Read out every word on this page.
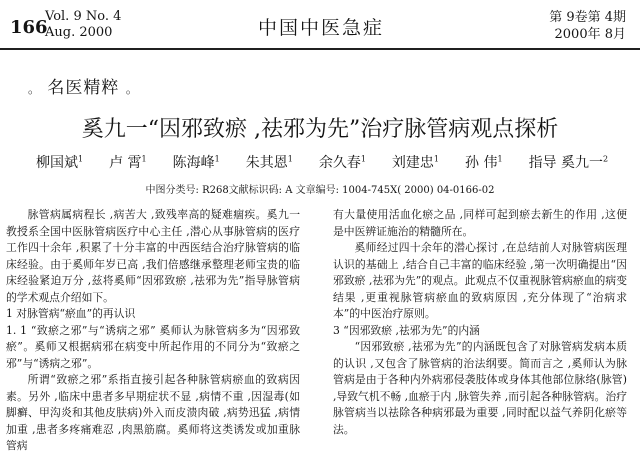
166
Vol. 9 No. 4
Aug. 2000	中国中医急症	第 9卷第 4期
2000年 8月
。 名医精粹 。
奚九一“因邪致瘀 ,祛邪为先”治疗脉管病观点探析
柳国斌$^1$ 卢 霄$^1$ 陈海峰$^1$ 朱其恩$^1$ 余久春$^1$ 刘建忠$^1$ 孙 伟$^1$ 指导 奚九一$^2$
中图分类号: R268文献标识码: A 文章编号: 1004-745X( 2000) 04-0166-02

脉管病属病程长 ,病苦大 ,致残率高的疑难痼疾。奚九一教授系全国中医脉管病医疗中心主任 ,潜心从事脉管病的医疗工作四十余年 ,积累了十分丰富的中西医结合治疗脉管病的临床经验。由于奚师年岁已高 ,我们倍感继承整理老师宝贵的临床经验紧迫万分 ,兹将奚师“因邪致瘀 ,祛邪为先”指导脉管病的学术观点介绍如下。

1 对脉管病“瘀血”的再认识

1. 1 “致瘀之邪”与“诱病之邪” 奚师认为脉管病多为“因邪致瘀”。奚师又根据病邪在病变中所起作用的不同分为“致瘀之邪”与“诱病之邪”。

所谓“致瘀之邪”系指直接引起各种脉管病瘀血的致病因素。另外 ,临床中患者多早期症状不显 ,病情不重 ,因湿毒(如脚癣、甲沟炎和其他皮肤病)外入而皮溃肉破 ,病势迅猛 ,病情加重 ,患者多疼痛难忍 ,肉黑筋腐。奚师将这类诱发或加重脉管病

有大量使用活血化瘀之品 ,同样可起到瘀去新生的作用 ,这便是中医辨证施治的精髓所在。

奚师经过四十余年的潜心探讨 ,在总结前人对脉管病医理认识的基础上 ,结合自己丰富的临床经验 ,第一次明确提出“因邪致瘀 ,祛邪为先”的观点。此观点不仅重视脉管病瘀血的病变结果 ,更重视脉管病瘀血的致病原因 ,充分体现了“治病求本”的中医治疗原则。

3 “因邪致瘀 ,祛邪为先”的内涵

“因邪致瘀 ,祛邪为先”的内涵既包含了对脉管病发病本质的认识 ,又包含了脉管病的治法纲要。简而言之 ,奚师认为脉管病是由于各种内外病邪侵袭肢体或身体其他部位脉络(脉管) ,导致气机不畅 ,血瘀于内 ,脉管失养 ,而引起各种脉管病。治疗脉管病当以祛除各种病邪最为重要 ,同时配以益气养阴化瘀等法。
